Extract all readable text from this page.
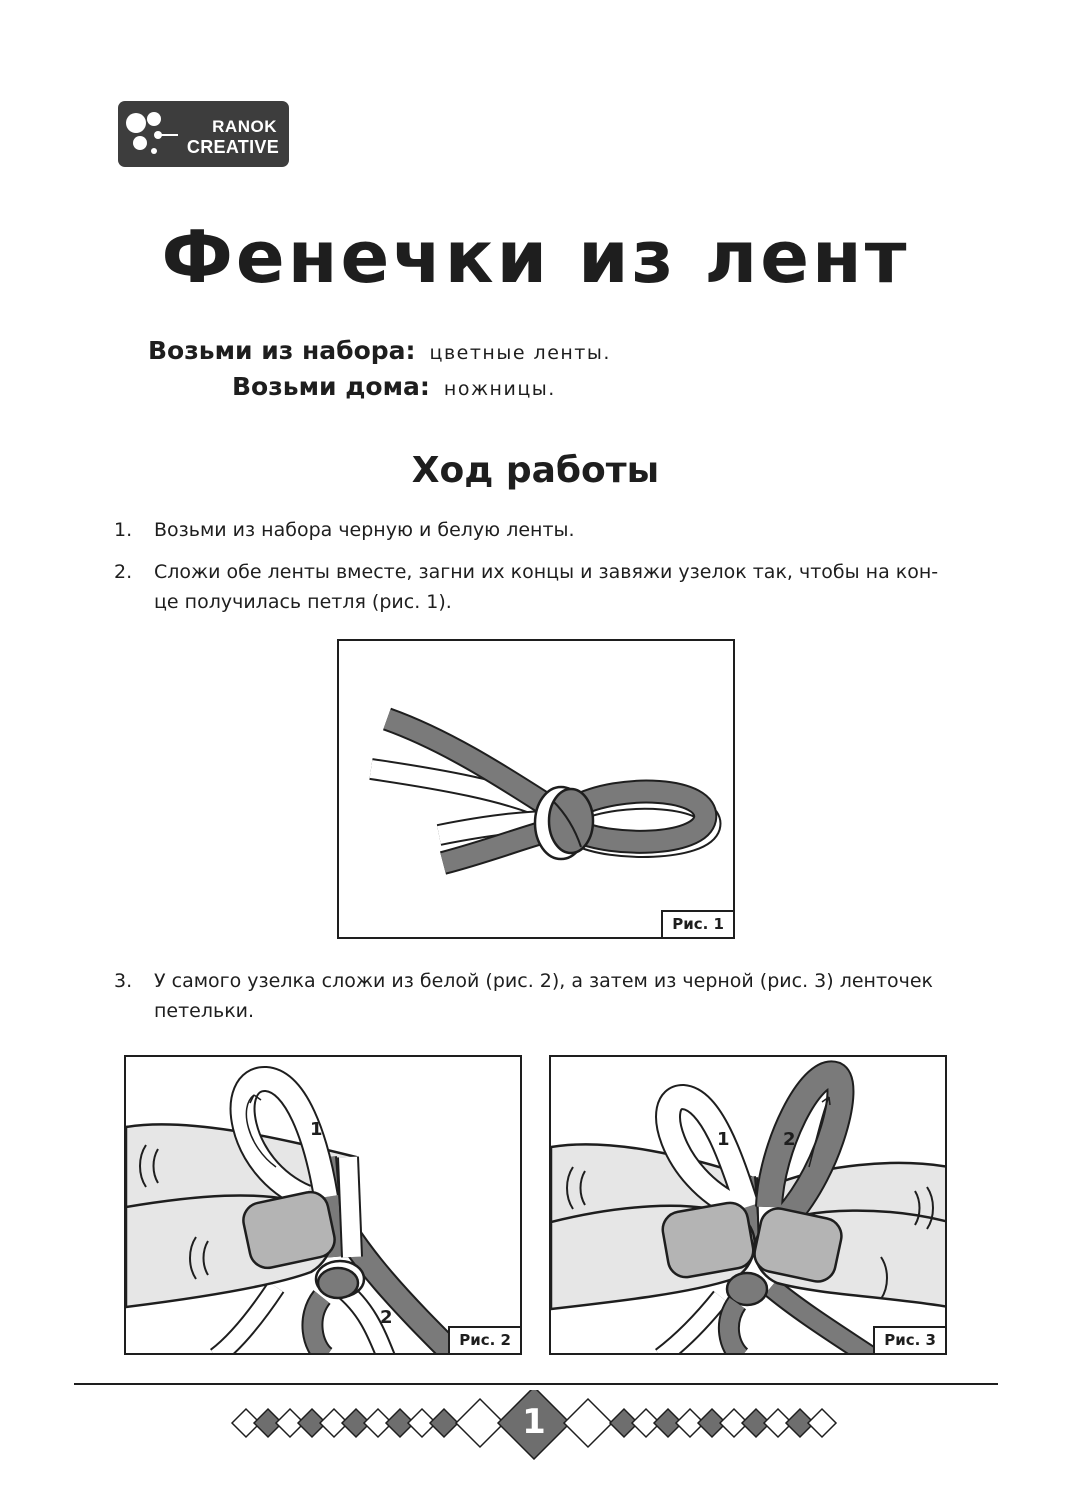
RANOK
CREATIVE
Фенечки из лент
Возьми из набора: цветные ленты.
Возьми дома: ножницы.
Ход работы
1. Возьми из набора черную и белую ленты.
2. Сложи обе ленты вместе, загни их концы и завяжи узелок так, чтобы на кон-
це получилась петля (рис. 1).
Рис. 1
3. У самого узелка сложи из белой (рис. 2), а затем из черной (рис. 3) ленточек
петельки.
1
2
Рис. 2
1	2
Рис. 3
1
